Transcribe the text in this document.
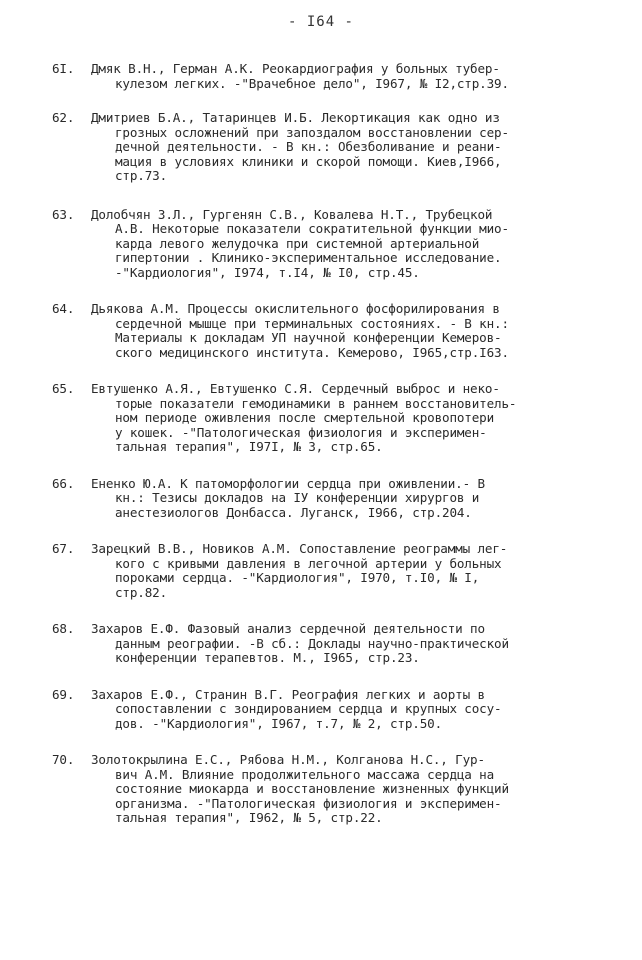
- I64 -
6I.	Дмяк В.Н., Герман А.К. Реокардиография у больных тубер-
кулезом легких. -"Врачебное дело", I967, № I2,стр.39.
62.	Дмитриев Б.А., Татаринцев И.Б. Лекортикация как одно из
грозных осложнений при запоздалом восстановлении сер-
дечной деятельности. - В кн.: Обезболивание и реани-
мация в условиях клиники и скорой помощи. Киев,I966,
стр.73.
63.	Долобчян З.Л., Гургенян С.В., Ковалева Н.Т., Трубецкой
А.В. Некоторые показатели сократительной функции мио-
карда левого желудочка при системной артериальной
гипертонии . Клинико-экспериментальное исследование.
-"Кардиология", I974, т.I4, № I0, стр.45.
64.	Дьякова А.М. Процессы окислительного фосфорилирования в
сердечной мышце при терминальных состояниях. - В кн.:
Материалы к докладам УП научной конференции Кемеров-
ского медицинского института. Кемерово, I965,стр.I63.
65.	Евтушенко А.Я., Евтушенко С.Я. Сердечный выброс и неко-
торые показатели гемодинамики в раннем восстановитель-
ном периоде оживления после смертельной кровопотери
у кошек. -"Патологическая физиология и эксперимен-
тальная терапия", I97I, № 3, стр.65.
66.	Ененко Ю.А. К патоморфологии сердца при оживлении.- В
кн.: Тезисы докладов на IУ конференции хирургов и
анестезиологов Донбасса. Луганск, I966, стр.204.
67.	Зарецкий В.В., Новиков А.М. Сопоставление реограммы лег-
кого с кривыми давления в легочной артерии у больных
пороками сердца. -"Кардиология", I970, т.I0, № I,
стр.82.
68.	Захаров Е.Ф. Фазовый анализ сердечной деятельности по
данным реографии. -В сб.: Доклады научно-практической
конференции терапевтов. М., I965, стр.23.
69.	Захаров Е.Ф., Странин В.Г. Реография легких и аорты в
сопоставлении с зондированием сердца и крупных сосу-
дов. -"Кардиология", I967, т.7, № 2, стр.50.
70.	Золотокрылина Е.С., Рябова Н.М., Колганова Н.С., Гур-
вич А.М. Влияние продолжительного массажа сердца на
состояние миокарда и восстановление жизненных функций
организма. -"Патологическая физиология и эксперимен-
тальная терапия", I962, № 5, стр.22.
